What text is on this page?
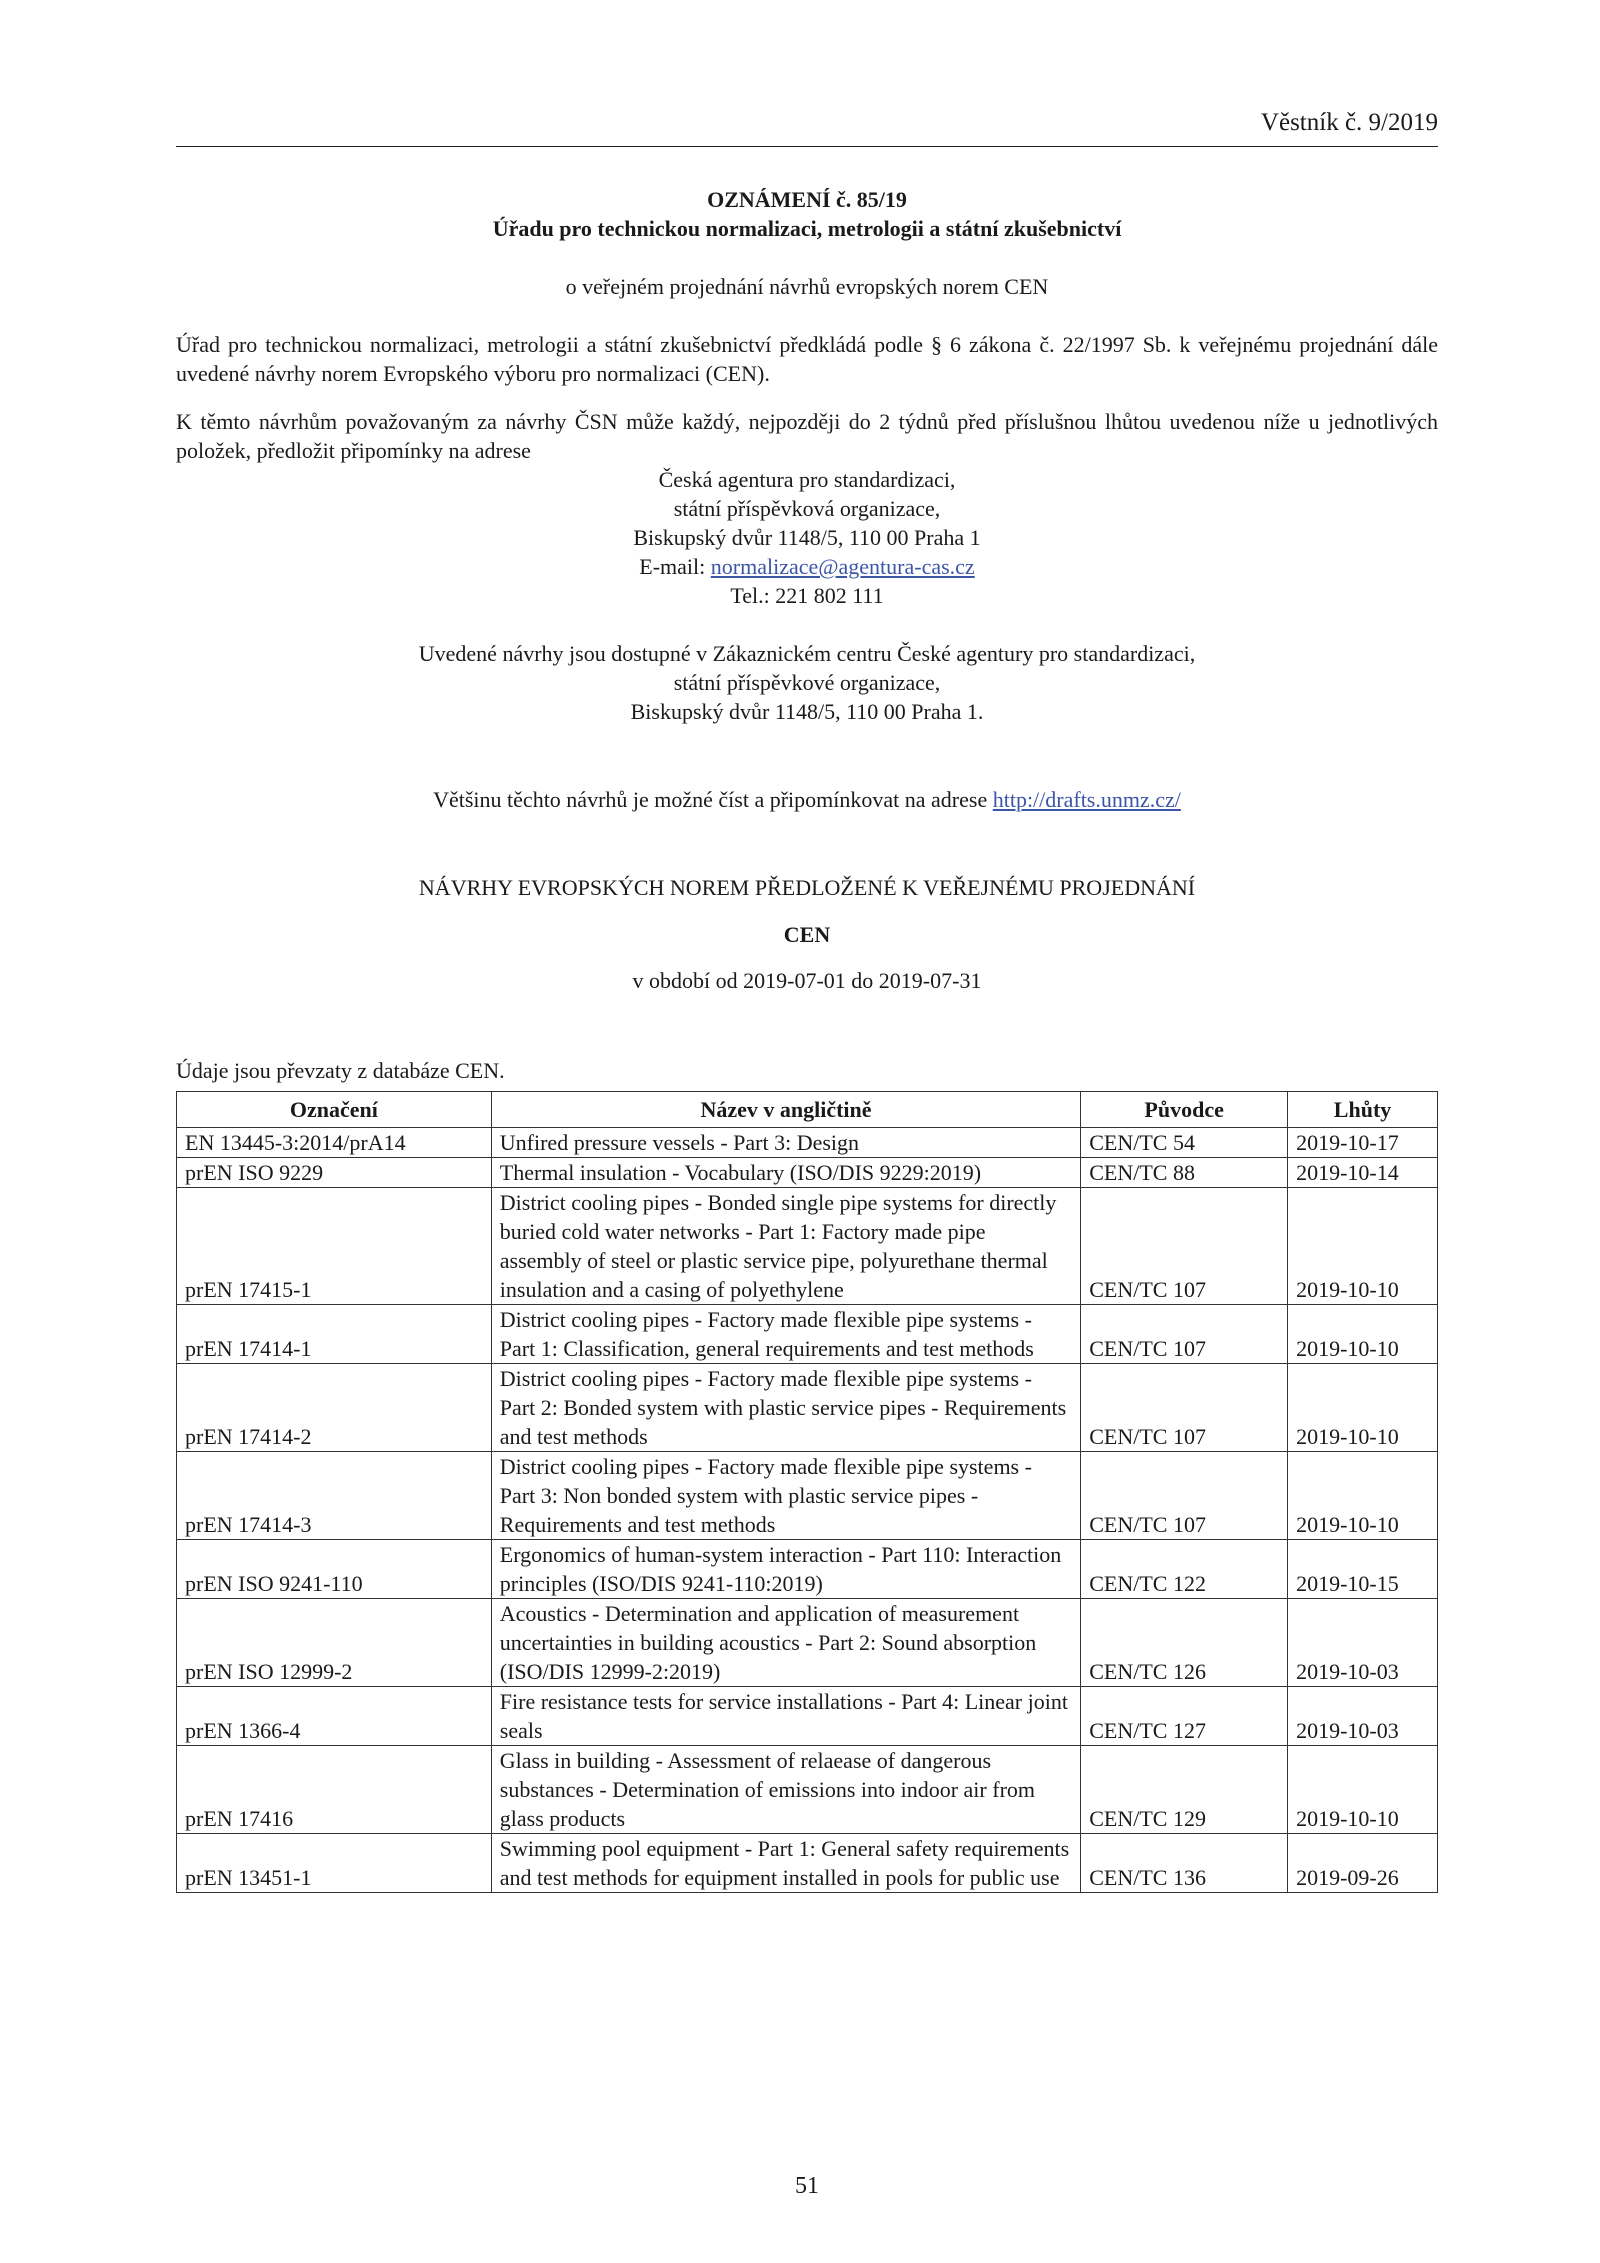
Věstník č. 9/2019
OZNÁMENÍ č. 85/19
Úřadu pro technickou normalizaci, metrologii a státní zkušebnictví
o veřejném projednání návrhů evropských norem CEN
Úřad pro technickou normalizaci, metrologii a státní zkušebnictví předkládá podle § 6 zákona č. 22/1997 Sb. k veřejnému projednání dále uvedené návrhy norem Evropského výboru pro normalizaci (CEN).
K těmto návrhům považovaným za návrhy ČSN může každý, nejpozději do 2 týdnů před příslušnou lhůtou uvedenou níže u jednotlivých položek, předložit připomínky na adrese
Česká agentura pro standardizaci,
státní příspěvková organizace,
Biskupský dvůr 1148/5, 110 00 Praha 1
E-mail: normalizace@agentura-cas.cz
Tel.: 221 802 111
Uvedené návrhy jsou dostupné v Zákaznickém centru České agentury pro standardizaci,
státní příspěvkové organizace,
Biskupský dvůr 1148/5, 110 00 Praha 1.
Většinu těchto návrhů je možné číst a připomínkovat na adrese http://drafts.unmz.cz/
NÁVRHY EVROPSKÝCH NOREM PŘEDLOŽENÉ K VEŘEJNÉMU PROJEDNÁNÍ
CEN
v období od 2019-07-01 do 2019-07-31
Údaje jsou převzaty z databáze CEN.
Označení	Název v angličtině	Původce	Lhůty
EN 13445-3:2014/prA14	Unfired pressure vessels - Part 3: Design	CEN/TC 54	2019-10-17
prEN ISO 9229	Thermal insulation - Vocabulary (ISO/DIS 9229:2019)	CEN/TC 88	2019-10-14
prEN 17415-1	District cooling pipes - Bonded single pipe systems for directly buried cold water networks - Part 1: Factory made pipe assembly of steel or plastic service pipe, polyurethane thermal insulation and a casing of polyethylene	CEN/TC 107	2019-10-10
prEN 17414-1	District cooling pipes - Factory made flexible pipe systems - Part 1: Classification, general requirements and test methods	CEN/TC 107	2019-10-10
prEN 17414-2	District cooling pipes - Factory made flexible pipe systems - Part 2: Bonded system with plastic service pipes - Requirements and test methods	CEN/TC 107	2019-10-10
prEN 17414-3	District cooling pipes - Factory made flexible pipe systems - Part 3: Non bonded system with plastic service pipes - Requirements and test methods	CEN/TC 107	2019-10-10
prEN ISO 9241-110	Ergonomics of human-system interaction - Part 110: Interaction principles (ISO/DIS 9241-110:2019)	CEN/TC 122	2019-10-15
prEN ISO 12999-2	Acoustics - Determination and application of measurement uncertainties in building acoustics - Part 2: Sound absorption (ISO/DIS 12999-2:2019)	CEN/TC 126	2019-10-03
prEN 1366-4	Fire resistance tests for service installations - Part 4: Linear joint seals	CEN/TC 127	2019-10-03
prEN 17416	Glass in building - Assessment of relaease of dangerous substances - Determination of emissions into indoor air from glass products	CEN/TC 129	2019-10-10
prEN 13451-1	Swimming pool equipment - Part 1: General safety requirements and test methods for equipment installed in pools for public use	CEN/TC 136	2019-09-26
51
